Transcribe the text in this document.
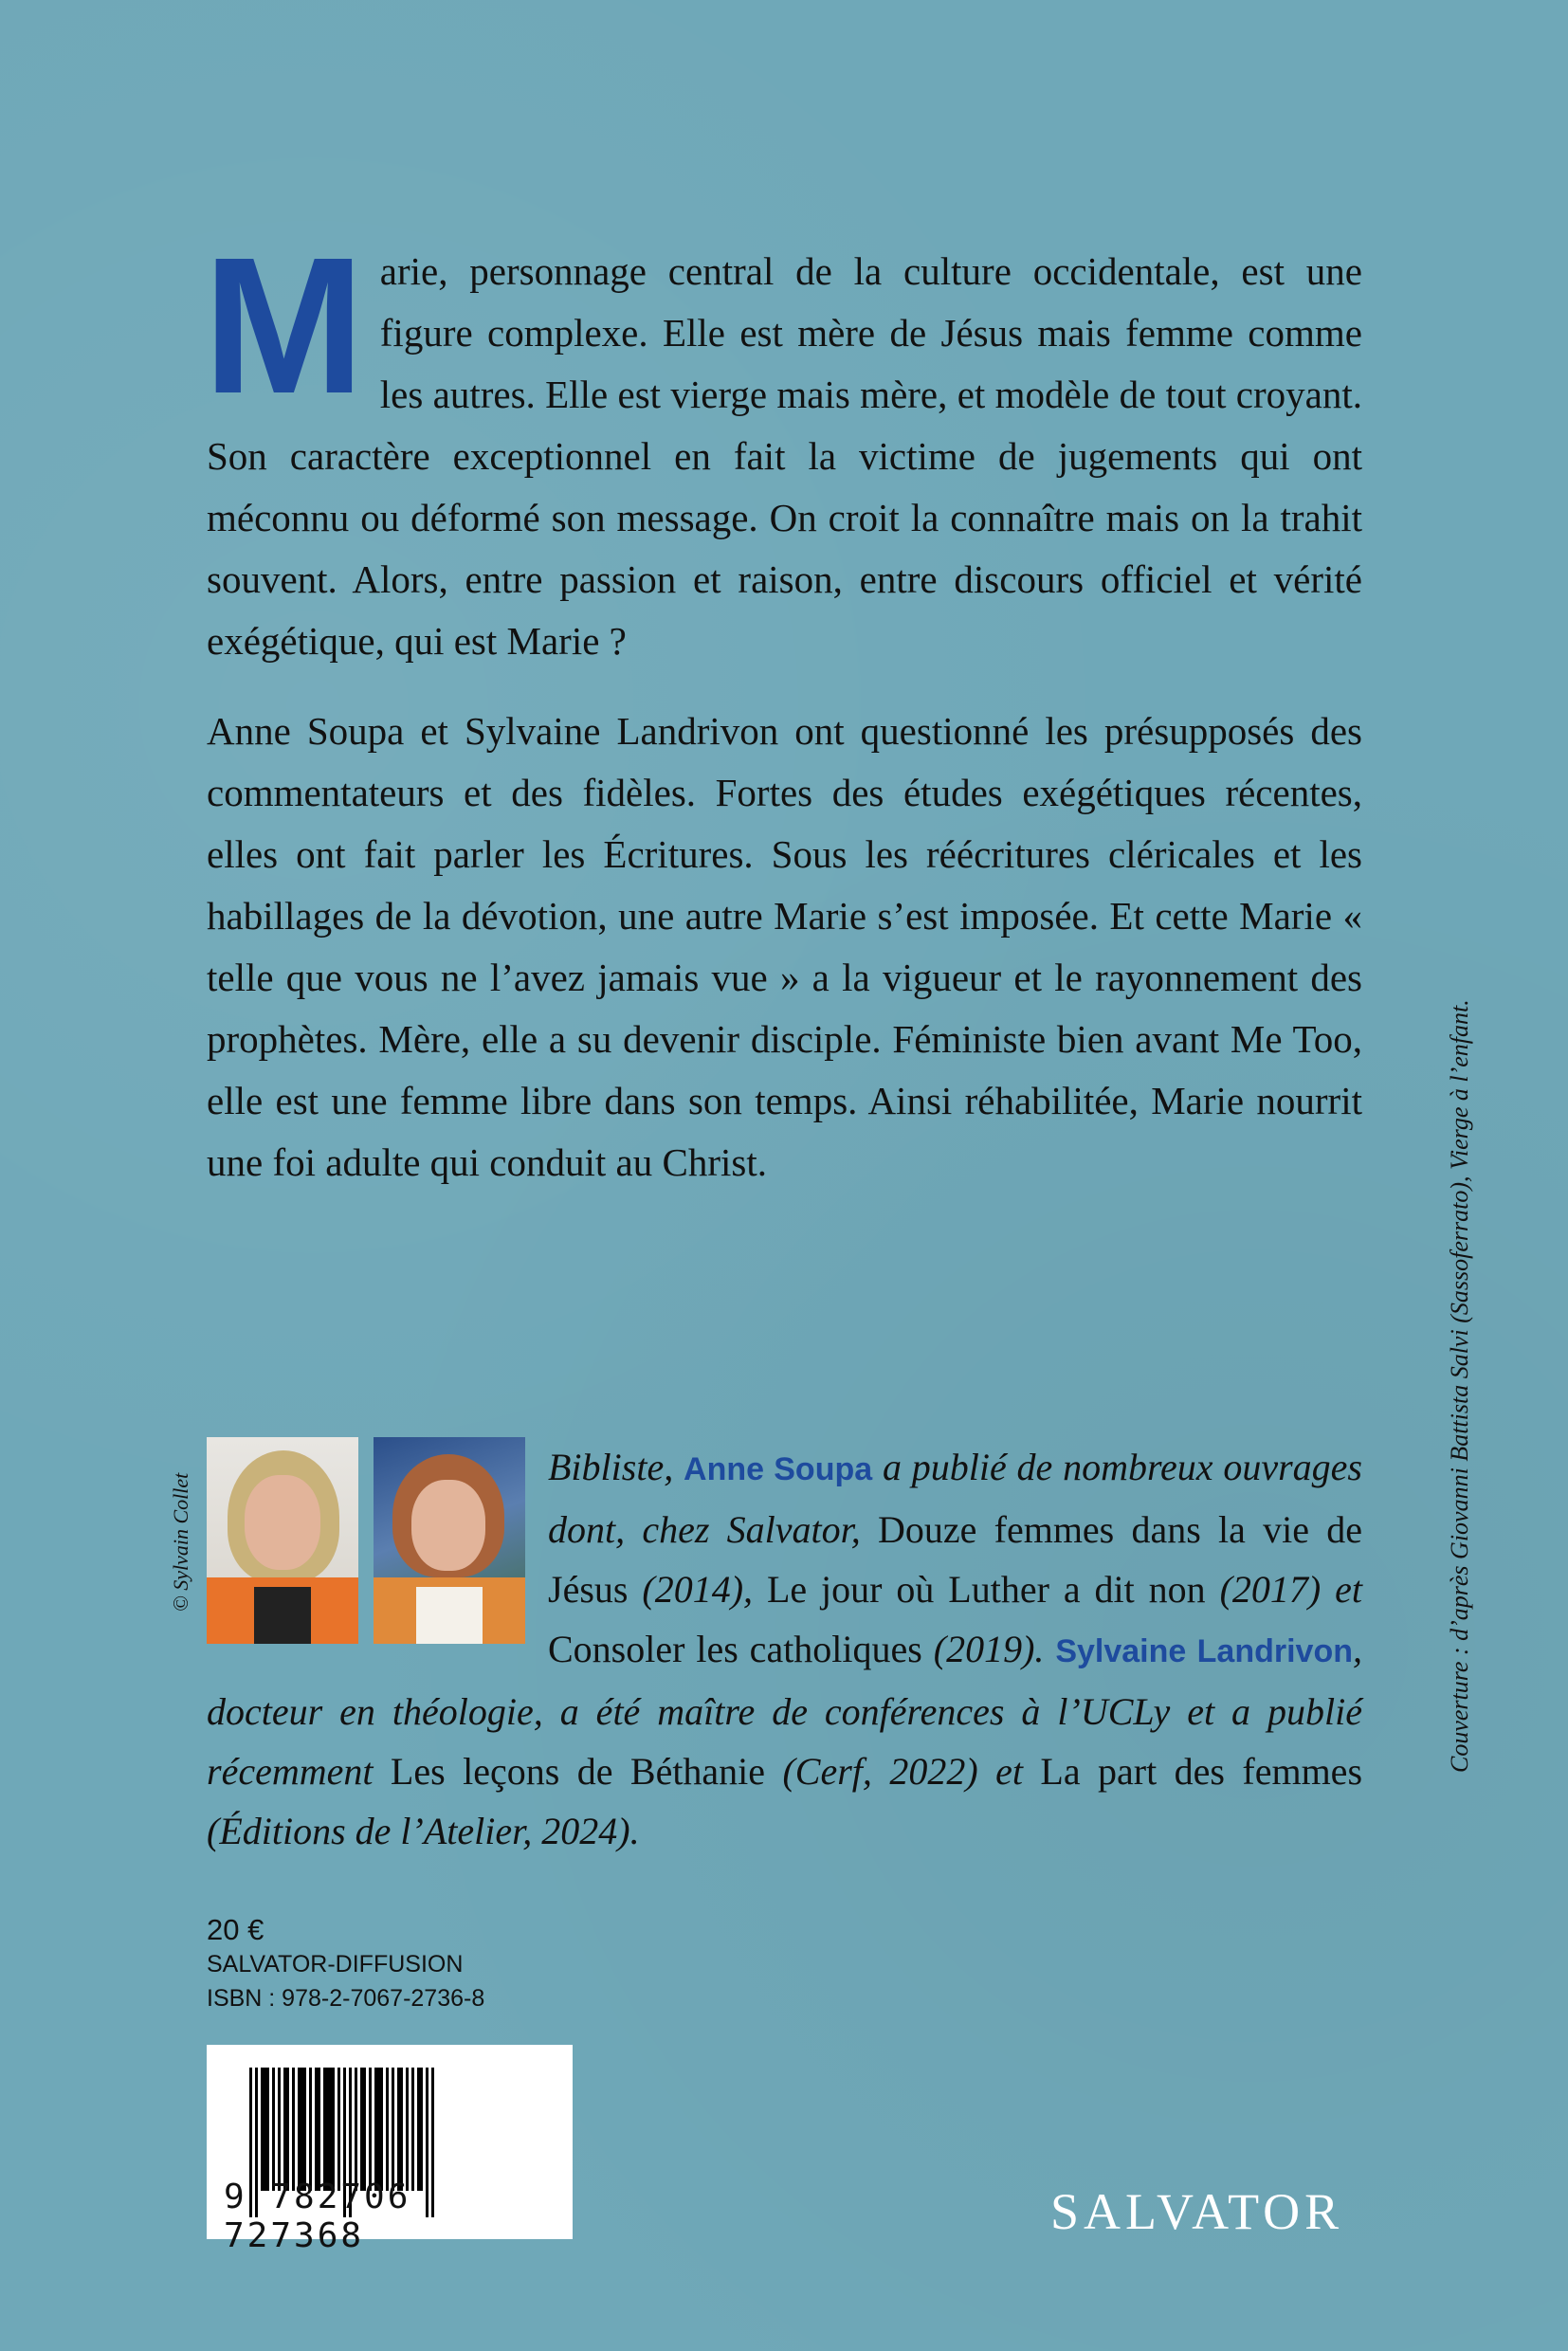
Marie, personnage central de la culture occidentale, est une figure complexe. Elle est mère de Jésus mais femme comme les autres. Elle est vierge mais mère, et modèle de tout croyant. Son caractère exceptionnel en fait la victime de jugements qui ont méconnu ou déformé son message. On croit la connaître mais on la trahit souvent. Alors, entre passion et raison, entre discours officiel et vérité exégétique, qui est Marie ?

Anne Soupa et Sylvaine Landrivon ont questionné les présupposés des commentateurs et des fidèles. Fortes des études exégétiques récentes, elles ont fait parler les Écritures. Sous les réécritures cléricales et les habillages de la dévotion, une autre Marie s’est imposée. Et cette Marie « telle que vous ne l’avez jamais vue » a la vigueur et le rayonnement des prophètes. Mère, elle a su devenir disciple. Féministe bien avant Me Too, elle est une femme libre dans son temps. Ainsi réhabilitée, Marie nourrit une foi adulte qui conduit au Christ.

© Sylvain Collet
Bibliste, Anne Soupa a publié de nombreux ouvrages dont, chez Salvator, Douze femmes dans la vie de Jésus (2014), Le jour où Luther a dit non (2017) et Consoler les catholiques (2019). Sylvaine Landrivon, docteur en théologie, a été maître de conférences à l’UCLy et a publié récemment Les leçons de Béthanie (Cerf, 2022) et La part des femmes (Éditions de l’Atelier, 2024).
Couverture : d’après Giovanni Battista Salvi (Sassoferrato), Vierge à l’enfant.
20 €
SALVATOR-DIFFUSION
ISBN : 978-2-7067-2736-8
9 782706 727368	SALVATOR
